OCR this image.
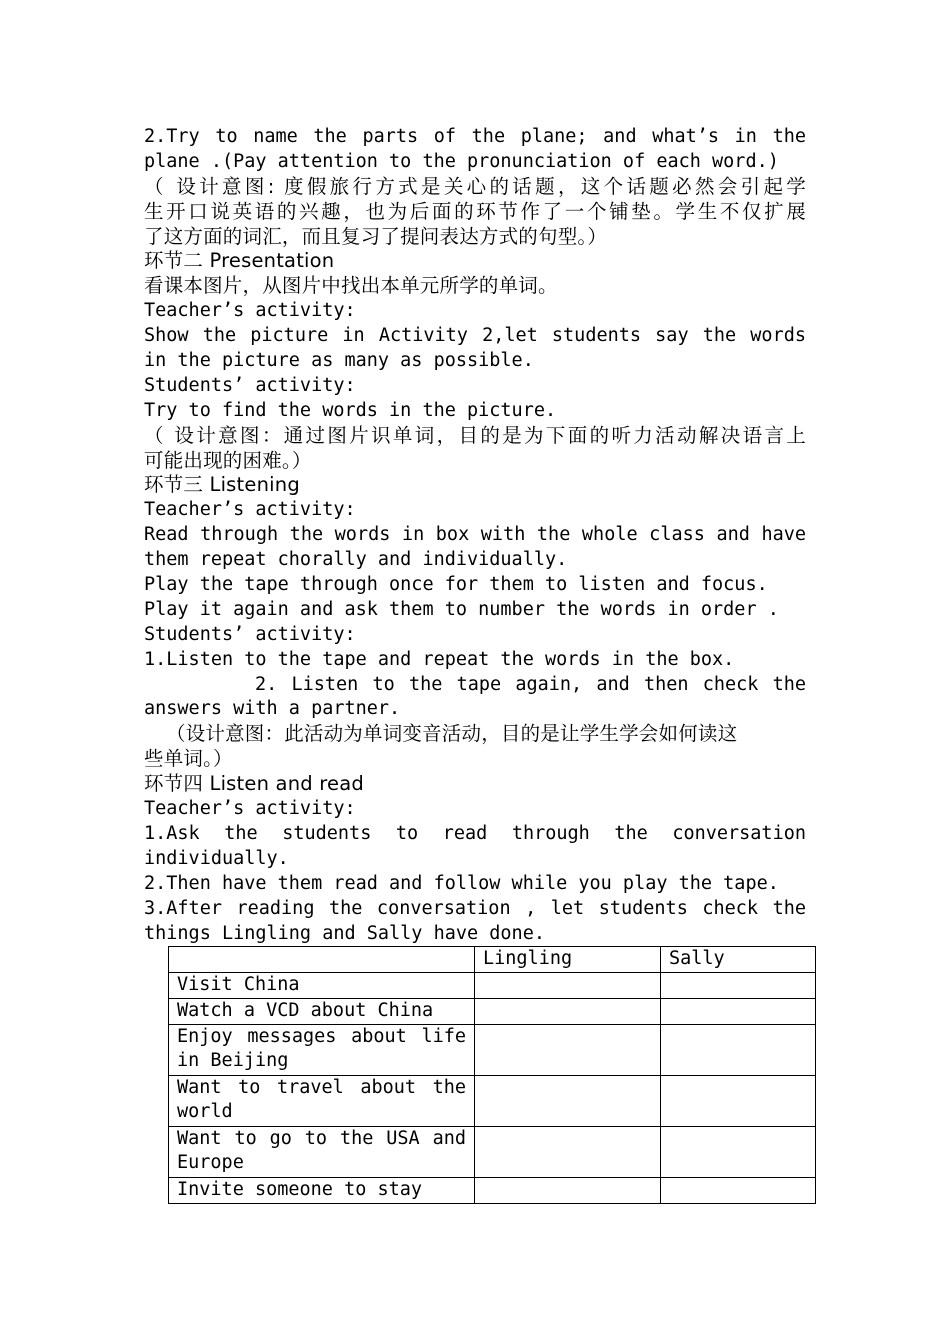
2.Try to name the parts of the plane; and what’s in the
plane .(Pay attention to the pronunciation of each word.)
（ 设计意图: 度假旅行方式是关心的话题，这个话题必然会引起学
生开口说英语的兴趣，也为后面的环节作了一个铺垫。学生不仅扩展
了这方面的词汇，而且复习了提问表达方式的句型。）
环节二 Presentation
看课本图片，从图片中找出本单元所学的单词。
Teacher’s activity:
Show the picture in Activity 2,let students say the words
in the picture as many as possible.
Students’ activity:
Try to find the words in the picture.
（ 设计意图：通过图片识单词，目的是为下面的听力活动解决语言上
可能出现的困难。）
环节三 Listening
Teacher’s activity:
Read through the words in box with the whole class and have
them repeat chorally and individually.
Play the tape through once for them to listen and focus.
Play it again and ask them to number the words in order .
Students’ activity:
1.Listen to the tape and repeat the words in the box.
2. Listen to the tape again, and then check the
answers with a partner.
（设计意图：此活动为单词变音活动，目的是让学生学会如何读这
些单词。）
环节四 Listen and read
Teacher’s activity:
1.Ask the students to read through the conversation
individually.
2.Then have them read and follow while you play the tape.
3.After reading the conversation , let students check the
things Lingling and Sally have done.
	Lingling	Sally
Visit China		
Watch a VCD about China		

Enjoy messages about life in Beijing		

Want to travel about the world		

Want to go to the USA and Europe		

Invite someone to stay		
